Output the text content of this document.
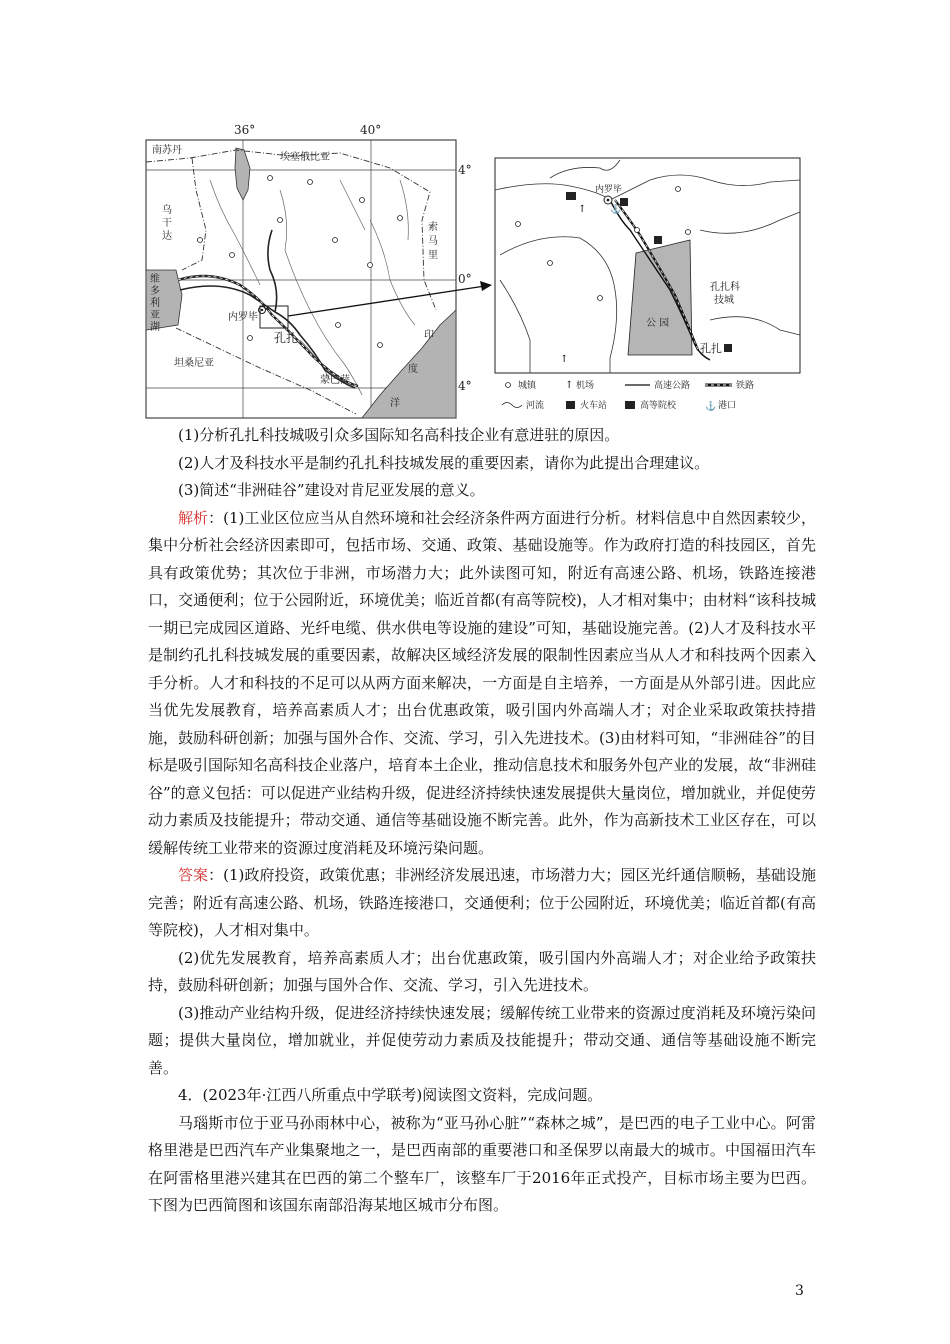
36°	40°
4°
0°
4°
南苏丹
埃塞俄比亚
乌
干
达
索
马
里
维
多
利
亚
湖
坦桑尼亚
印
度
洋
内罗毕
孔扎
蒙巴萨
内罗毕
公 园
孔扎科
技城
孔扎
↑
↑
⚓
城镇	↑ 机场	高速公路	铁路
河流	火车站	高等院校	⚓ 港口

(1)分析孔扎科技城吸引众多国际知名高科技企业有意进驻的原因。

(2)人才及科技水平是制约孔扎科技城发展的重要因素，请你为此提出合理建议。

(3)简述“非洲硅谷”建设对肯尼亚发展的意义。

解析：(1)工业区位应当从自然环境和社会经济条件两方面进行分析。材料信息中自然因素较少，集中分析社会经济因素即可，包括市场、交通、政策、基础设施等。作为政府打造的科技园区，首先具有政策优势；其次位于非洲，市场潜力大；此外读图可知，附近有高速公路、机场，铁路连接港口，交通便利；位于公园附近，环境优美；临近首都(有高等院校)，人才相对集中；由材料“该科技城一期已完成园区道路、光纤电缆、供水供电等设施的建设”可知，基础设施完善。(2)人才及科技水平是制约孔扎科技城发展的重要因素，故解决区域经济发展的限制性因素应当从人才和科技两个因素入手分析。人才和科技的不足可以从两方面来解决，一方面是自主培养，一方面是从外部引进。因此应当优先发展教育，培养高素质人才；出台优惠政策，吸引国内外高端人才；对企业采取政策扶持措施，鼓励科研创新；加强与国外合作、交流、学习，引入先进技术。(3)由材料可知，“非洲硅谷”的目标是吸引国际知名高科技企业落户，培育本土企业，推动信息技术和服务外包产业的发展，故“非洲硅谷”的意义包括：可以促进产业结构升级，促进经济持续快速发展提供大量岗位，增加就业，并促使劳动力素质及技能提升；带动交通、通信等基础设施不断完善。此外，作为高新技术工业区存在，可以缓解传统工业带来的资源过度消耗及环境污染问题。

答案：(1)政府投资，政策优惠；非洲经济发展迅速，市场潜力大；园区光纤通信顺畅，基础设施完善；附近有高速公路、机场，铁路连接港口，交通便利；位于公园附近，环境优美；临近首都(有高等院校)，人才相对集中。

(2)优先发展教育，培养高素质人才；出台优惠政策，吸引国内外高端人才；对企业给予政策扶持，鼓励科研创新；加强与国外合作、交流、学习，引入先进技术。

(3)推动产业结构升级，促进经济持续快速发展；缓解传统工业带来的资源过度消耗及环境污染问题；提供大量岗位，增加就业，并促使劳动力素质及技能提升；带动交通、通信等基础设施不断完善。

4．(2023年·江西八所重点中学联考)阅读图文资料，完成问题。

马瑙斯市位于亚马孙雨林中心，被称为“亚马孙心脏”“森林之城”，是巴西的电子工业中心。阿雷格里港是巴西汽车产业集聚地之一，是巴西南部的重要港口和圣保罗以南最大的城市。中国福田汽车在阿雷格里港兴建其在巴西的第二个整车厂，该整车厂于2016年正式投产，目标市场主要为巴西。下图为巴西简图和该国东南部沿海某地区城市分布图。

3
